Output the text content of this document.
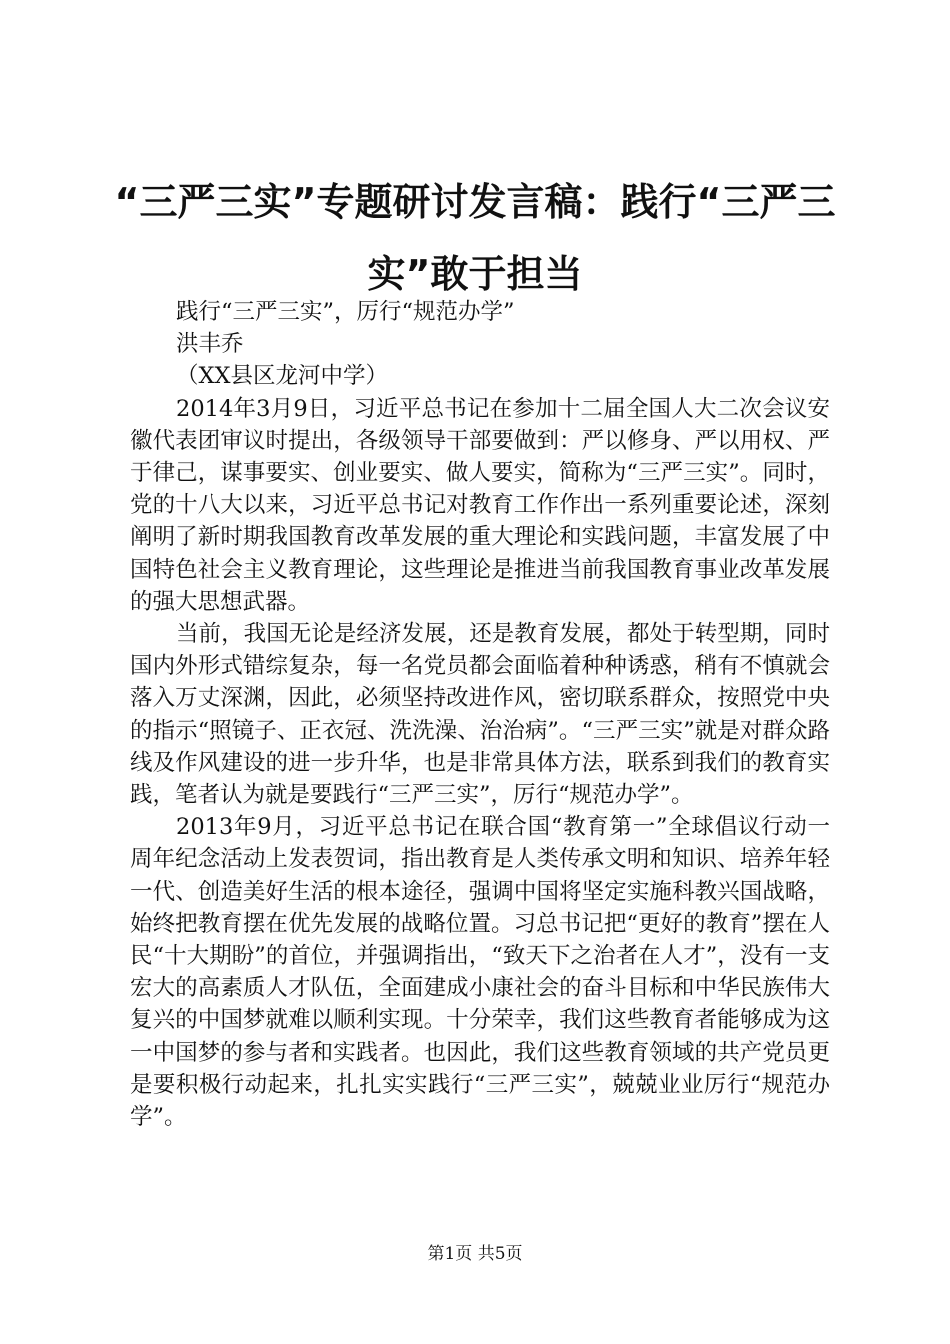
“三严三实”专题研讨发言稿：践行“三严三实”敢于担当

践行“三严三实”，厉行“规范办学”

洪丰乔

（XX县区龙河中学）

2014年3月9日，习近平总书记在参加十二届全国人大二次会议安徽代表团审议时提出，各级领导干部要做到：严以修身、严以用权、严于律己，谋事要实、创业要实、做人要实，简称为“三严三实”。同时，党的十八大以来，习近平总书记对教育工作作出一系列重要论述，深刻阐明了新时期我国教育改革发展的重大理论和实践问题，丰富发展了中国特色社会主义教育理论，这些理论是推进当前我国教育事业改革发展的强大思想武器。

当前，我国无论是经济发展，还是教育发展，都处于转型期，同时国内外形式错综复杂，每一名党员都会面临着种种诱惑，稍有不慎就会落入万丈深渊，因此，必须坚持改进作风，密切联系群众，按照党中央的指示“照镜子、正衣冠、洗洗澡、治治病”。“三严三实”就是对群众路线及作风建设的进一步升华，也是非常具体方法，联系到我们的教育实践，笔者认为就是要践行“三严三实”，厉行“规范办学”。

2013年9月，习近平总书记在联合国“教育第一”全球倡议行动一周年纪念活动上发表贺词，指出教育是人类传承文明和知识、培养年轻一代、创造美好生活的根本途径，强调中国将坚定实施科教兴国战略，始终把教育摆在优先发展的战略位置。习总书记把“更好的教育”摆在人民“十大期盼”的首位，并强调指出，“致天下之治者在人才”，没有一支宏大的高素质人才队伍，全面建成小康社会的奋斗目标和中华民族伟大复兴的中国梦就难以顺利实现。十分荣幸，我们这些教育者能够成为这一中国梦的参与者和实践者。也因此，我们这些教育领域的共产党员更是要积极行动起来，扎扎实实践行“三严三实”，兢兢业业厉行“规范办学”。

第1页 共5页
